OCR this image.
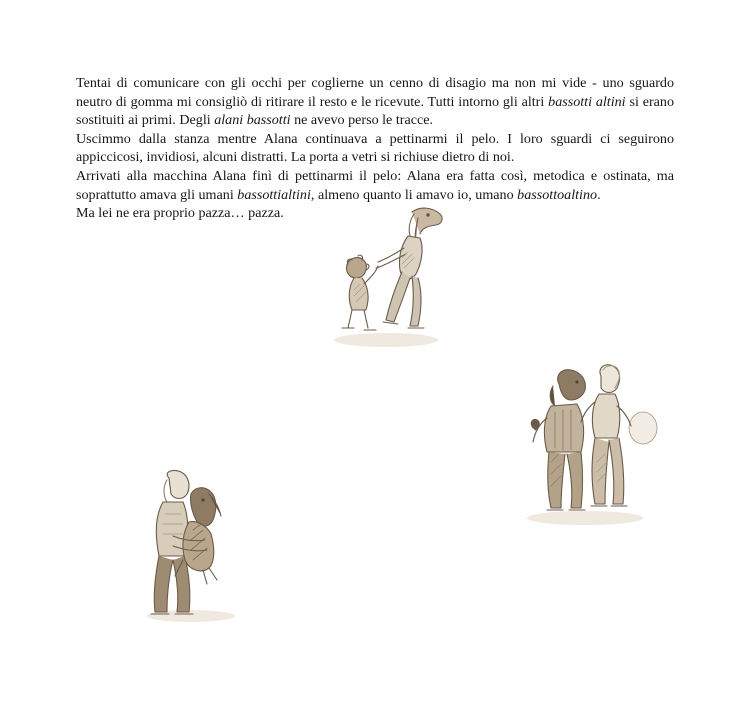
Tentai di comunicare con gli occhi per coglierne un cenno di disagio ma non mi vide - uno sguardo neutro di gomma mi consigliò di ritirare il resto e le ricevute. Tutti intorno gli altri bassotti altini si erano sostituiti ai primi. Degli alani bassotti ne avevo perso le tracce.

Uscimmo dalla stanza mentre Alana continuava a pettinarmi il pelo. I loro sguardi ci seguirono appiccicosi, invidiosi, alcuni distratti. La porta a vetri si richiuse dietro di noi.

Arrivati alla macchina Alana finì di pettinarmi il pelo: Alana era fatta così, metodica e ostinata, ma soprattutto amava gli umani bassottialtini, almeno quanto li amavo io, umano bassottoaltino.

Ma lei ne era proprio pazza… pazza.
